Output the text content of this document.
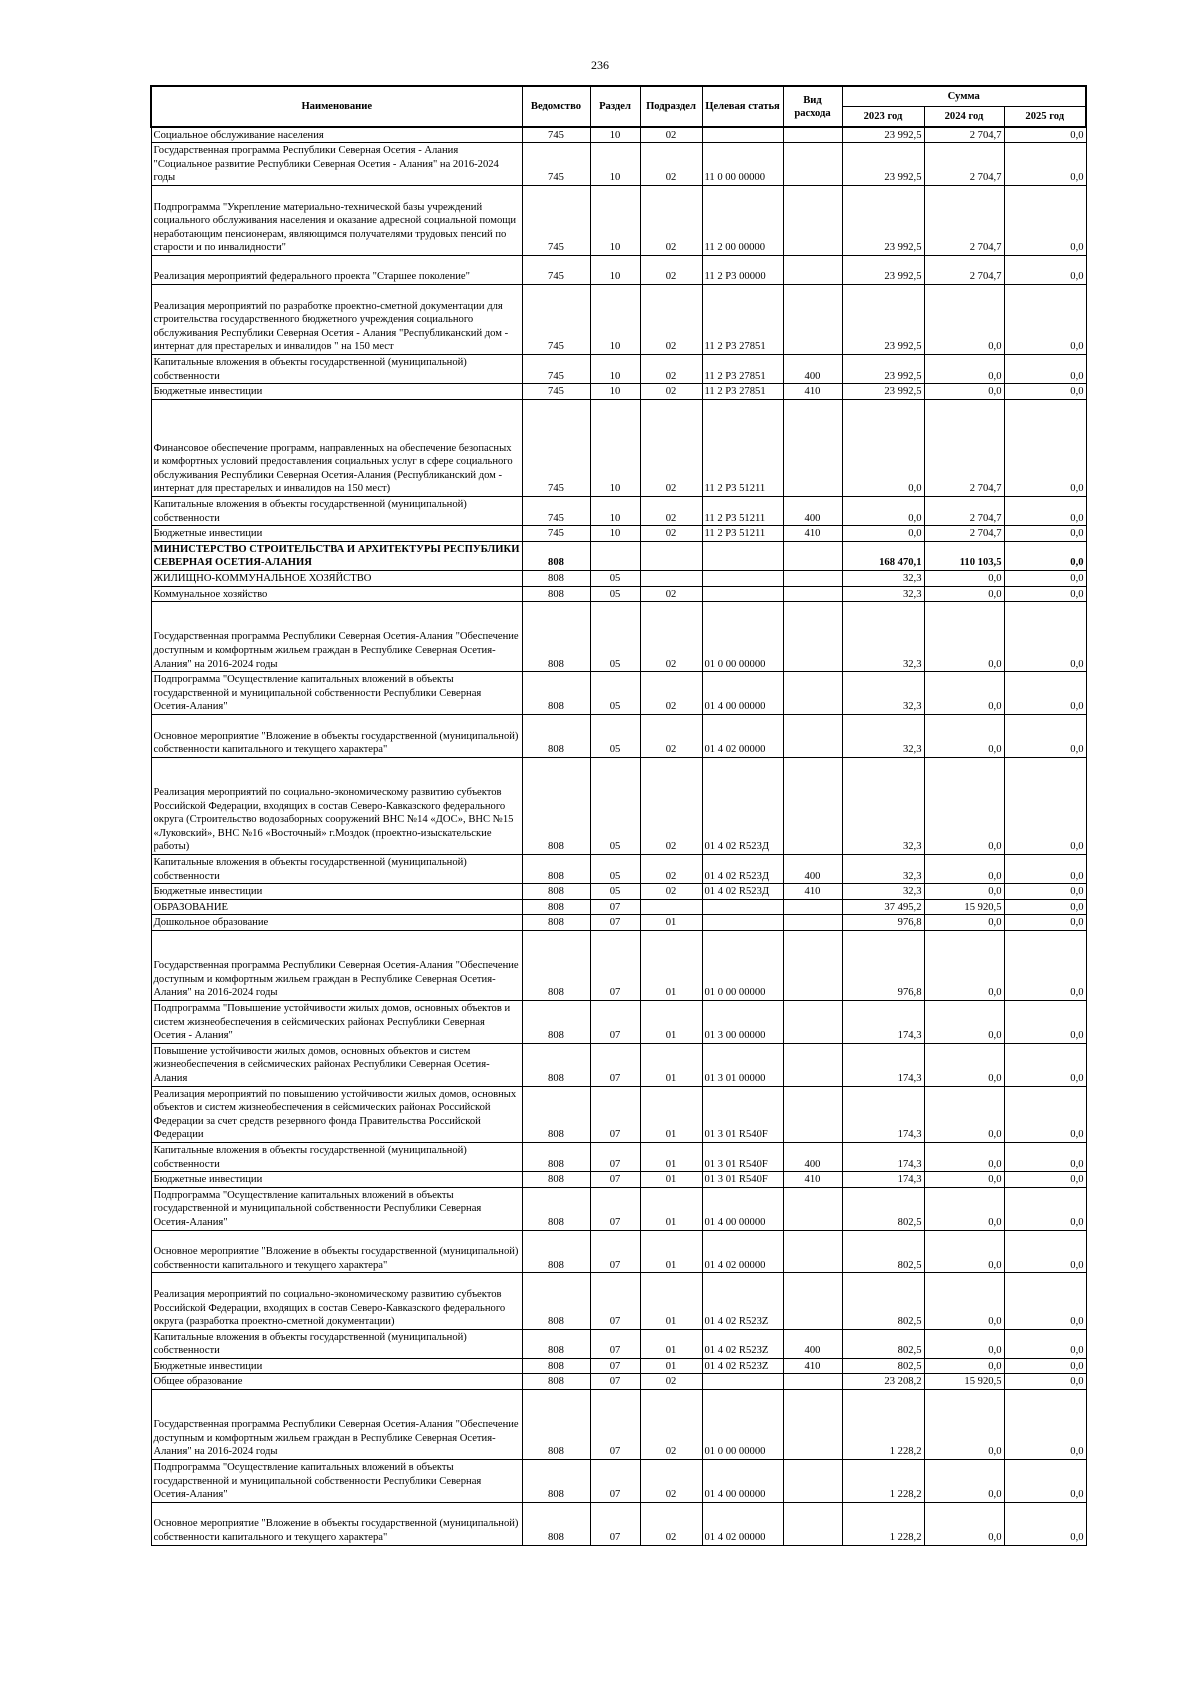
236
Наименование	Ведомство	Раздел	Подраздел	Целевая статья	Вид расхода	Сумма		
						2023 год	2024 год	2025 год
Социальное обслуживание населения	745	10	02			23 992,5	2 704,7	0,0
Государственная программа Республики Северная Осетия - Алания "Социальное развитие Республики Северная Осетия - Алания" на 2016-2024 годы	745	10	02	11 0 00 00000		23 992,5	2 704,7	0,0
Подпрограмма "Укрепление материально-технической базы учреждений социального обслуживания населения и оказание адресной социальной помощи неработающим пенсионерам, являющимся получателями трудовых пенсий по старости и по инвалидности"	745	10	02	11 2 00 00000		23 992,5	2 704,7	0,0
Реализация мероприятий федерального проекта "Старшее поколение"	745	10	02	11 2 P3 00000		23 992,5	2 704,7	0,0
Реализация мероприятий по разработке проектно-сметной документации для строительства государственного бюджетного учреждения социального обслуживания Республики Северная Осетия - Алания "Республиканский дом - интернат для престарелых и инвалидов " на 150 мест	745	10	02	11 2 P3 27851		23 992,5	0,0	0,0
Капитальные вложения в объекты государственной (муниципальной) собственности	745	10	02	11 2 P3 27851	400	23 992,5	0,0	0,0
Бюджетные инвестиции	745	10	02	11 2 P3 27851	410	23 992,5	0,0	0,0
Финансовое обеспечение программ, направленных на обеспечение безопасных и комфортных условий предоставления социальных услуг в сфере социального обслуживания Республики Северная Осетия-Алания (Республиканский дом - интернат для престарелых и инвалидов на 150 мест)	745	10	02	11 2 P3 51211		0,0	2 704,7	0,0
Капитальные вложения в объекты государственной (муниципальной) собственности	745	10	02	11 2 P3 51211	400	0,0	2 704,7	0,0
Бюджетные инвестиции	745	10	02	11 2 P3 51211	410	0,0	2 704,7	0,0
МИНИСТЕРСТВО СТРОИТЕЛЬСТВА И АРХИТЕКТУРЫ РЕСПУБЛИКИ СЕВЕРНАЯ ОСЕТИЯ-АЛАНИЯ	808					168 470,1	110 103,5	0,0
ЖИЛИЩНО-КОММУНАЛЬНОЕ ХОЗЯЙСТВО	808	05				32,3	0,0	0,0
Коммунальное хозяйство	808	05	02			32,3	0,0	0,0
Государственная программа Республики Северная Осетия-Алания "Обеспечение доступным и комфортным жильем граждан в Республике Северная Осетия-Алания" на 2016-2024 годы	808	05	02	01 0 00 00000		32,3	0,0	0,0
Подпрограмма "Осуществление капитальных вложений в объекты государственной и муниципальной собственности Республики Северная Осетия-Алания"	808	05	02	01 4 00 00000		32,3	0,0	0,0
Основное мероприятие "Вложение в объекты государственной (муниципальной) собственности капитального и текущего характера"	808	05	02	01 4 02 00000		32,3	0,0	0,0
Реализация мероприятий по социально-экономическому развитию субъектов Российской Федерации, входящих в состав Северо-Кавказского федерального округа (Строительство водозаборных сооружений ВНС №14 «ДОС», ВНС №15 «Луковский», ВНС №16 «Восточный» г.Моздок (проектно-изыскательские работы)	808	05	02	01 4 02 R523Д		32,3	0,0	0,0
Капитальные вложения в объекты государственной (муниципальной) собственности	808	05	02	01 4 02 R523Д	400	32,3	0,0	0,0
Бюджетные инвестиции	808	05	02	01 4 02 R523Д	410	32,3	0,0	0,0
ОБРАЗОВАНИЕ	808	07				37 495,2	15 920,5	0,0
Дошкольное образование	808	07	01			976,8	0,0	0,0
Государственная программа Республики Северная Осетия-Алания "Обеспечение доступным и комфортным жильем граждан в Республике Северная Осетия-Алания" на 2016-2024 годы	808	07	01	01 0 00 00000		976,8	0,0	0,0
Подпрограмма "Повышение устойчивости жилых домов, основных объектов и систем жизнеобеспечения в сейсмических районах Республики Северная Осетия - Алания"	808	07	01	01 3 00 00000		174,3	0,0	0,0
Повышение устойчивости жилых домов, основных объектов и систем жизнеобеспечения в сейсмических районах Республики Северная Осетия-Алания	808	07	01	01 3 01 00000		174,3	0,0	0,0
Реализация мероприятий по повышению устойчивости жилых домов, основных объектов и систем жизнеобеспечения в сейсмических районах Российской Федерации за счет средств резервного фонда Правительства Российской Федерации	808	07	01	01 3 01 R540F		174,3	0,0	0,0
Капитальные вложения в объекты государственной (муниципальной) собственности	808	07	01	01 3 01 R540F	400	174,3	0,0	0,0
Бюджетные инвестиции	808	07	01	01 3 01 R540F	410	174,3	0,0	0,0
Подпрограмма "Осуществление капитальных вложений в объекты государственной и муниципальной собственности Республики Северная Осетия-Алания"	808	07	01	01 4 00 00000		802,5	0,0	0,0
Основное мероприятие "Вложение в объекты государственной (муниципальной) собственности капитального и текущего характера"	808	07	01	01 4 02 00000		802,5	0,0	0,0
Реализация мероприятий по социально-экономическому развитию субъектов Российской Федерации, входящих в состав Северо-Кавказского федерального округа (разработка проектно-сметной документации)	808	07	01	01 4 02 R523Z		802,5	0,0	0,0
Капитальные вложения в объекты государственной (муниципальной) собственности	808	07	01	01 4 02 R523Z	400	802,5	0,0	0,0
Бюджетные инвестиции	808	07	01	01 4 02 R523Z	410	802,5	0,0	0,0
Общее образование	808	07	02			23 208,2	15 920,5	0,0
Государственная программа Республики Северная Осетия-Алания "Обеспечение доступным и комфортным жильем граждан в Республике Северная Осетия-Алания" на 2016-2024 годы	808	07	02	01 0 00 00000		1 228,2	0,0	0,0
Подпрограмма "Осуществление капитальных вложений в объекты государственной и муниципальной собственности Республики Северная Осетия-Алания"	808	07	02	01 4 00 00000		1 228,2	0,0	0,0
Основное мероприятие "Вложение в объекты государственной (муниципальной) собственности капитального и текущего характера"	808	07	02	01 4 02 00000		1 228,2	0,0	0,0
